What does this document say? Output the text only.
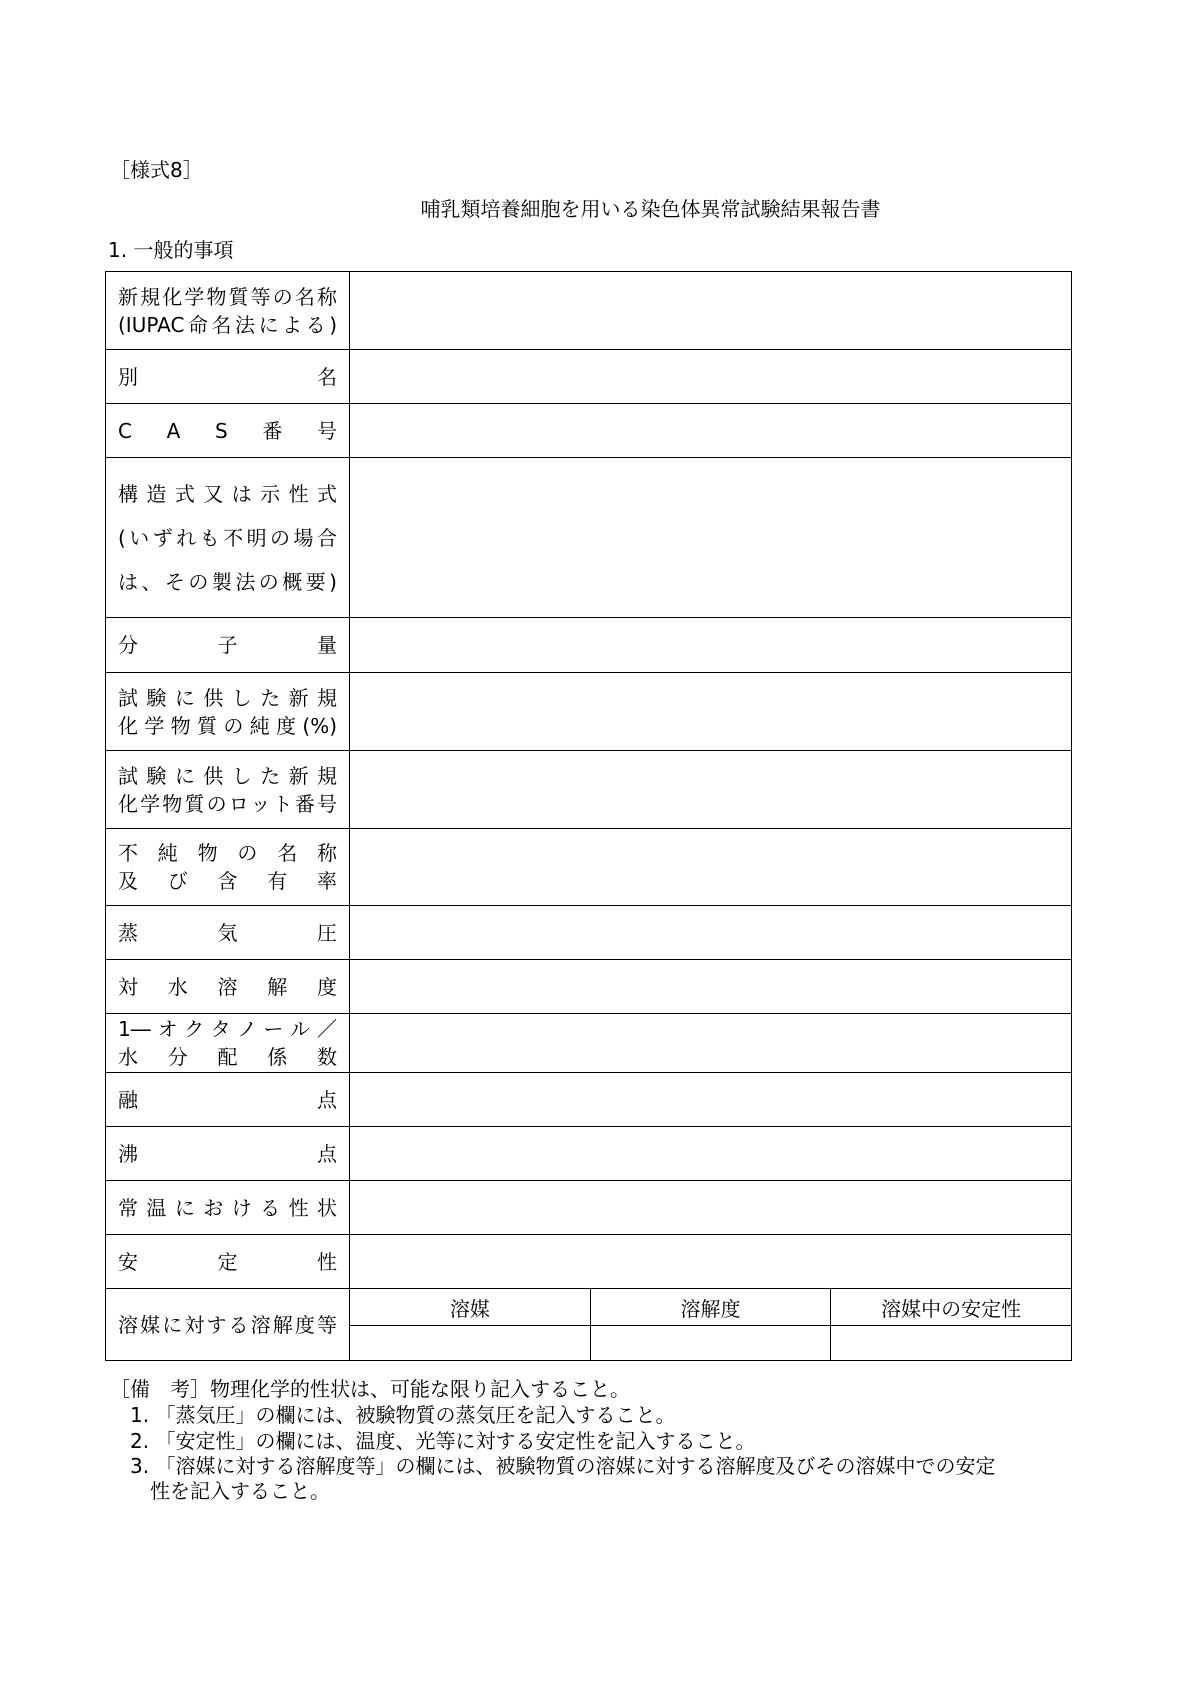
［様式8］
哺乳類培養細胞を用いる染色体異常試験結果報告書
1. 一般的事項
新規化学物質等の名称
(IUPAC命名法による)			

別　名			

C　A　S　番　号			

構造式又は示性式
(いずれも不明の場合
は、その製法の概要)			

分　子　量			

試験に供した新規
化学物質の純度(%)			

試験に供した新規
化学物質のロット番号			

不純物の名称
及び含有率			

蒸　気　圧			

対水溶解度			

1―オクタノール／
水分配係数			

融　点			

沸　点			

常温における性状			

安　定　性			

溶媒に対する溶解度等	溶媒	溶解度	溶媒中の安定性

［備　考］物理化学的性状は、可能な限り記入すること。
　1. 「蒸気圧」の欄には、被験物質の蒸気圧を記入すること。
　2. 「安定性」の欄には、温度、光等に対する安定性を記入すること。
　3. 「溶媒に対する溶解度等」の欄には、被験物質の溶媒に対する溶解度及びその溶媒中での安定
　　性を記入すること。
